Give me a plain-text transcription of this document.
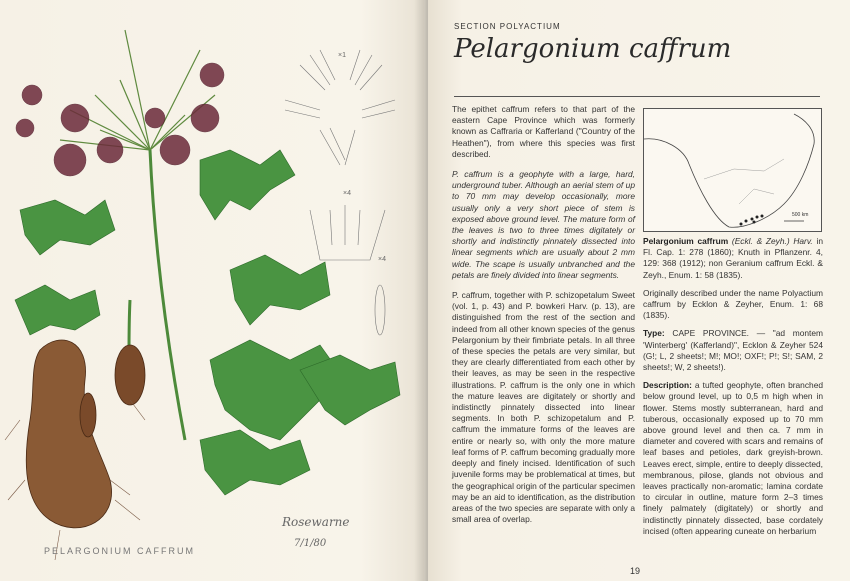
×1
×4
×4
Rosewarne
7/1/80
PELARGONIUM CAFFRUM
SECTION POLYACTIUM
Pelargonium caffrum

The epithet caffrum refers to that part of the eastern Cape Province which was formerly known as Caffraria or Kafferland ("Country of the Heathen"), from where this species was first described.

P. caffrum is a geophyte with a large, hard, underground tuber. Although an aerial stem of up to 70 mm may develop occasionally, more usually only a very short piece of stem is exposed above ground level. The mature form of the leaves is two to three times digitately or shortly and indistinctly pinnately dissected into linear segments which are usually about 2 mm wide. The scape is usually unbranched and the petals are finely divided into linear segments.

P. caffrum, together with P. schizopetalum Sweet (vol. 1, p. 43) and P. bowkeri Harv. (p. 13), are distinguished from the rest of the section and indeed from all other known species of the genus Pelargonium by their fimbriate petals. In all three of these species the petals are very similar, but they are clearly differentiated from each other by their leaves, as may be seen in the respective illustrations. P. caffrum is the only one in which the mature leaves are digitately or shortly and indistinctly pinnately dissected into linear segments. In both P. schizopetalum and P. caffrum the immature forms of the leaves are entire or nearly so, with only the more mature leaf forms of P. caffrum becoming gradually more deeply and finely incised. Identification of such juvenile forms may be problematical at times, but the geographical origin of the particular specimen may be an aid to identification, as the distribution areas of the two species are separate with only a small area of overlap.

500 km

Pelargonium caffrum (Eckl. & Zeyh.) Harv. in Fl. Cap. 1: 278 (1860); Knuth in Pflanzenr. 4, 129: 368 (1912); non Geranium caffrum Eckl. & Zeyh., Enum. 1: 58 (1835).

Originally described under the name Polyactium caffrum by Ecklon & Zeyher, Enum. 1: 68 (1835).

Type: CAPE PROVINCE. — "ad montem 'Winterberg' (Kafferland)", Ecklon & Zeyher 524 (G!; L, 2 sheets!; M!; MO!; OXF!; P!; S!; SAM, 2 sheets!; W, 2 sheets!).

Description: a tufted geophyte, often branched below ground level, up to 0,5 m high when in flower. Stems mostly subterranean, hard and tuberous, occasionally exposed up to 70 mm above ground level and then ca. 7 mm in diameter and covered with scars and remains of leaf bases and petioles, dark greyish-brown. Leaves erect, simple, entire to deeply dissected, membranous, pilose, glands not obvious and leaves practically non-aromatic; lamina cordate to circular in outline, mature form 2–3 times finely palmately (digitately) or shortly and indistinctly pinnately dissected, base cordately incised (often appearing cuneate on herbarium

19
